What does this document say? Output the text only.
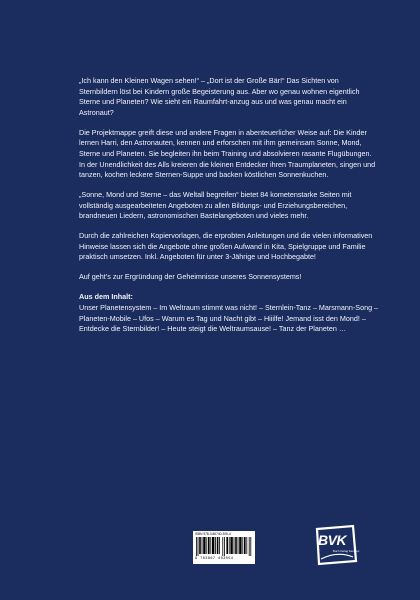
„Ich kann den Kleinen Wagen sehen!“ – „Dort ist der Große Bär!“ Das Sichten von Sternbildern löst bei Kindern große Begeisterung aus. Aber wo genau wohnen eigentlich Sterne und Planeten? Wie sieht ein Raumfahrt-anzug aus und was genau macht ein Astronaut?

Die Projektmappe greift diese und andere Fragen in abenteuerlicher Weise auf: Die Kinder lernen Harri, den Astronauten, kennen und erforschen mit ihm gemeinsam Sonne, Mond, Sterne und Planeten. Sie begleiten ihn beim Training und absolvieren rasante Flugübungen. In der Unendlichkeit des Alls kreieren die kleinen Entdecker ihren Traumplaneten, singen und tanzen, kochen leckere Sternen-Suppe und backen köstlichen Sonnenkuchen.

„Sonne, Mond und Sterne – das Weltall begreifen“ bietet 84 kometenstarke Seiten mit vollständig ausgearbeiteten Angeboten zu allen Bildungs- und Erziehungsbereichen, brandneuen Liedern, astronomischen Bastelangeboten und vieles mehr.

Durch die zahlreichen Kopiervorlagen, die erprobten Anleitungen und die vielen informativen Hinweise lassen sich die Angebote ohne großen Aufwand in Kita, Spielgruppe und Familie praktisch umsetzen. Inkl. Angeboten für unter 3-Jährige und Hochbegabte!

Auf geht’s zur Ergründung der Geheimnisse unseres Sonnensystems!

Aus dem Inhalt:
Unser Planetensystem – Im Weltraum stimmt was nicht! – Sternlein-Tanz – Marsmann-Song – Planeten-Mobile – Ufos – Warum es Tag und Nacht gibt – Hiiilfe! Jemand isst den Mond! – Entdecke die Sternbilder! – Heute steigt die Weltraumsause! – Tanz der Planeten …

ISBN 978-3-86740-305-4
9 783867 403054
BVK
Buch Verlag Kempen
